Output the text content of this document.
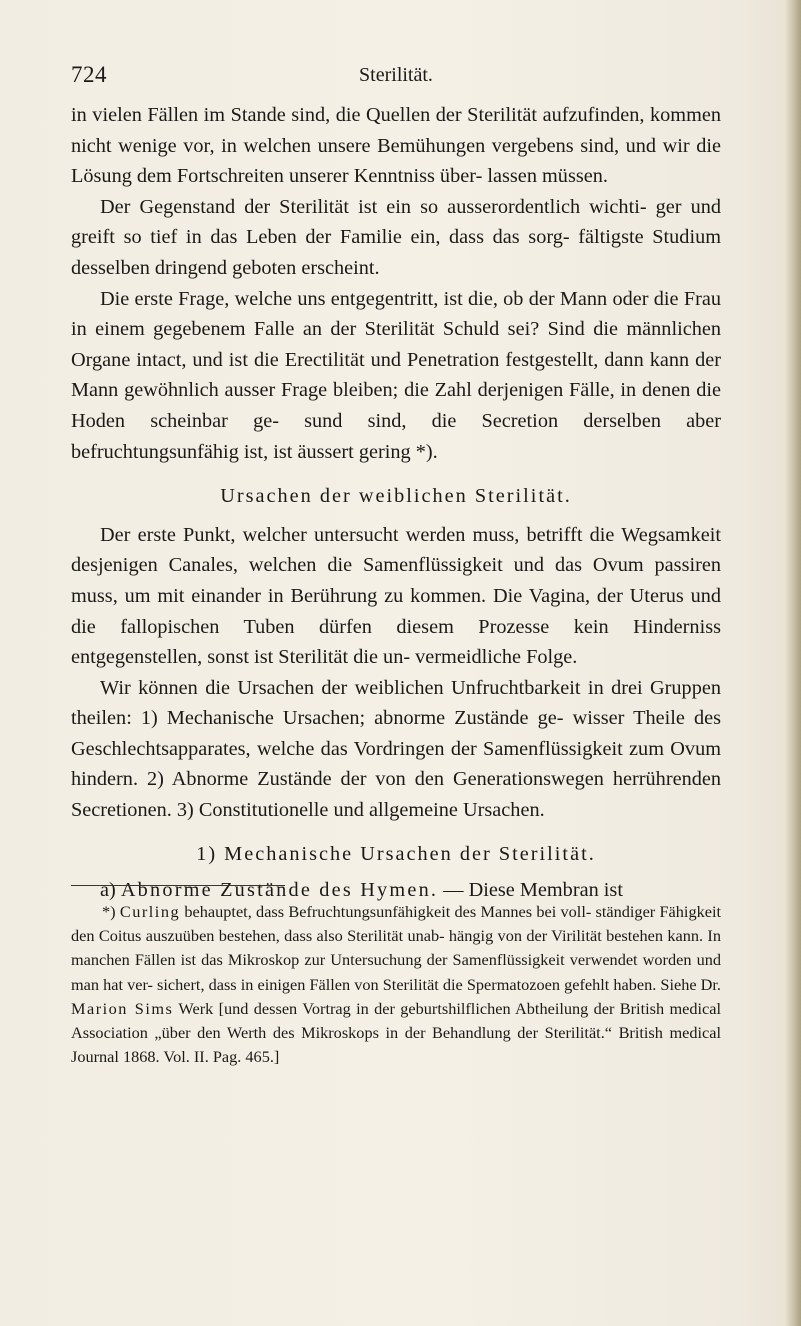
724	Sterilität.

in vielen Fällen im Stande sind, die Quellen der Sterilität aufzufinden, kommen nicht wenige vor, in welchen unsere Bemühungen vergebens sind, und wir die Lösung dem Fortschreiten unserer Kenntniss über- lassen müssen.

Der Gegenstand der Sterilität ist ein so ausserordentlich wichti- ger und greift so tief in das Leben der Familie ein, dass das sorg- fältigste Studium desselben dringend geboten erscheint.

Die erste Frage, welche uns entgegentritt, ist die, ob der Mann oder die Frau in einem gegebenem Falle an der Sterilität Schuld sei? Sind die männlichen Organe intact, und ist die Erectilität und Penetration festgestellt, dann kann der Mann gewöhnlich ausser Frage bleiben; die Zahl derjenigen Fälle, in denen die Hoden scheinbar ge- sund sind, die Secretion derselben aber befruchtungsunfähig ist, ist äussert gering *).

Ursachen der weiblichen Sterilität.

Der erste Punkt, welcher untersucht werden muss, betrifft die Wegsamkeit desjenigen Canales, welchen die Samenflüssigkeit und das Ovum passiren muss, um mit einander in Berührung zu kommen. Die Vagina, der Uterus und die fallopischen Tuben dürfen diesem Prozesse kein Hinderniss entgegenstellen, sonst ist Sterilität die un- vermeidliche Folge.

Wir können die Ursachen der weiblichen Unfruchtbarkeit in drei Gruppen theilen: 1) Mechanische Ursachen; abnorme Zustände ge- wisser Theile des Geschlechtsapparates, welche das Vordringen der Samenflüssigkeit zum Ovum hindern. 2) Abnorme Zustände der von den Generationswegen herrührenden Secretionen. 3) Constitutionelle und allgemeine Ursachen.

1) Mechanische Ursachen der Sterilität.

a) Abnorme Zustände des Hymen. — Diese Membran ist

*) Curling behauptet, dass Befruchtungsunfähigkeit des Mannes bei voll- ständiger Fähigkeit den Coitus auszuüben bestehen, dass also Sterilität unab- hängig von der Virilität bestehen kann. In manchen Fällen ist das Mikroskop zur Untersuchung der Samenflüssigkeit verwendet worden und man hat ver- sichert, dass in einigen Fällen von Sterilität die Spermatozoen gefehlt haben. Siehe Dr. Marion Sims Werk [und dessen Vortrag in der geburtshilflichen Abtheilung der British medical Association „über den Werth des Mikroskops in der Behandlung der Sterilität.“ British medical Journal 1868. Vol. II. Pag. 465.]
